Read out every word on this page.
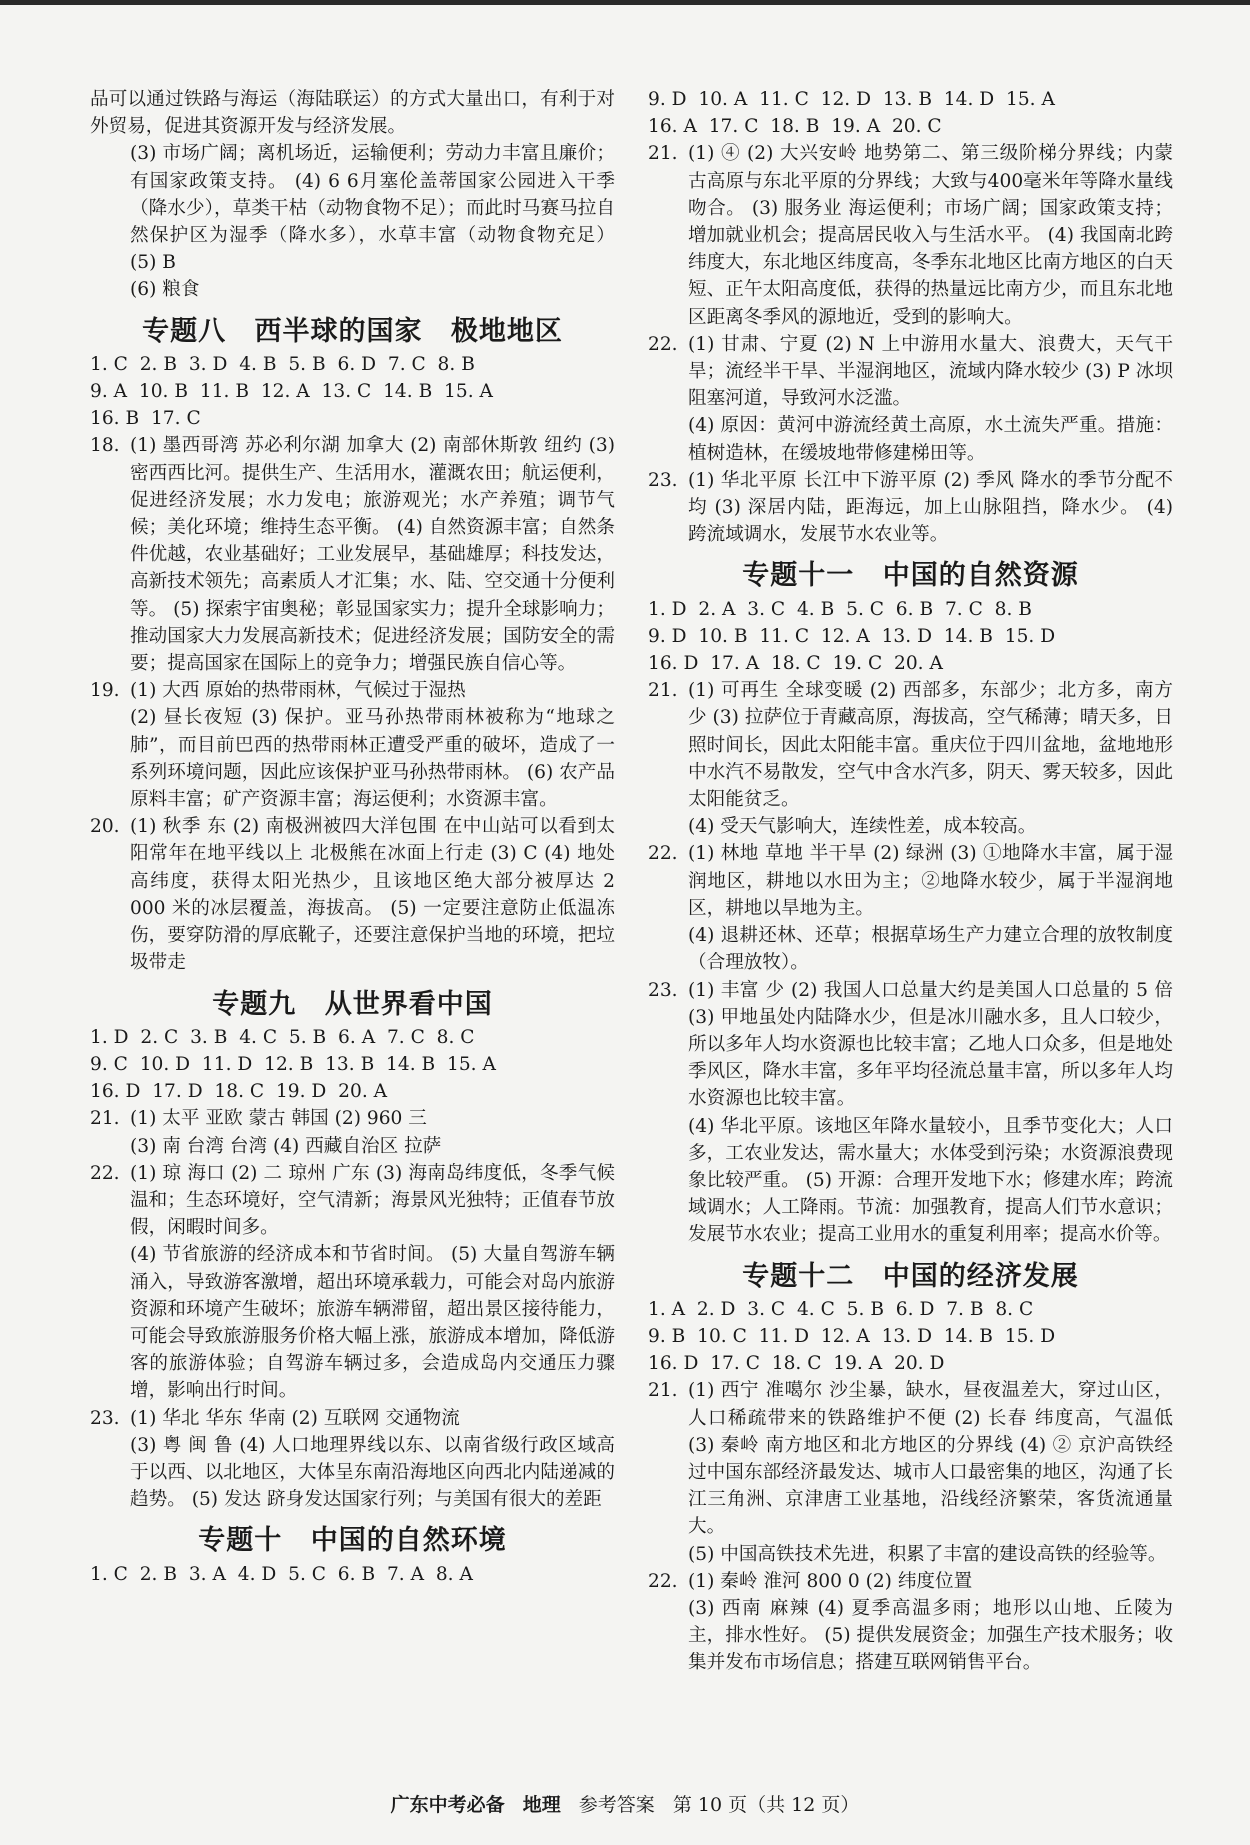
品可以通过铁路与海运（海陆联运）的方式大量出口，有利于对外贸易，促进其资源开发与经济发展。

(3) 市场广阔；离机场近，运输便利；劳动力丰富且廉价；有国家政策支持。 (4) 6 6月塞伦盖蒂国家公园进入干季（降水少），草类干枯（动物食物不足）；而此时马赛马拉自然保护区为湿季（降水多），水草丰富（动物食物充足） (5) B

(6) 粮食

专题八 西半球的国家 极地地区

1. C  2. B  3. D  4. B  5. B  6. D  7. C  8. B

9. A  10. B  11. B  12. A  13. C  14. B  15. A

16. B  17. C

18. (1) 墨西哥湾 苏必利尔湖 加拿大 (2) 南部休斯敦 纽约 (3) 密西西比河。提供生产、生活用水，灌溉农田；航运便利，促进经济发展；水力发电；旅游观光；水产养殖；调节气候；美化环境；维持生态平衡。 (4) 自然资源丰富；自然条件优越，农业基础好；工业发展早，基础雄厚；科技发达，高新技术领先；高素质人才汇集；水、陆、空交通十分便利等。 (5) 探索宇宙奥秘；彰显国家实力；提升全球影响力；推动国家大力发展高新技术；促进经济发展；国防安全的需要；提高国家在国际上的竞争力；增强民族自信心等。
19. (1) 大西 原始的热带雨林，气候过于湿热

(2) 昼长夜短 (3) 保护。亚马孙热带雨林被称为“地球之肺”，而目前巴西的热带雨林正遭受严重的破坏，造成了一系列环境问题，因此应该保护亚马孙热带雨林。 (6) 农产品原料丰富；矿产资源丰富；海运便利；水资源丰富。

20. (1) 秋季 东 (2) 南极洲被四大洋包围 在中山站可以看到太阳常年在地平线以上 北极熊在冰面上行走 (3) C (4) 地处高纬度，获得太阳光热少，且该地区绝大部分被厚达 2 000 米的冰层覆盖，海拔高。 (5) 一定要注意防止低温冻伤，要穿防滑的厚底靴子，还要注意保护当地的环境，把垃圾带走
专题九 从世界看中国

1. D  2. C  3. B  4. C  5. B  6. A  7. C  8. C

9. C  10. D  11. D  12. B  13. B  14. B  15. A

16. D  17. D  18. C  19. D  20. A

21. (1) 太平 亚欧 蒙古 韩国 (2) 960 三

(3) 南 台湾 台湾 (4) 西藏自治区 拉萨

22. (1) 琼 海口 (2) 二 琼州 广东 (3) 海南岛纬度低，冬季气候温和；生态环境好，空气清新；海景风光独特；正值春节放假，闲暇时间多。

(4) 节省旅游的经济成本和节省时间。 (5) 大量自驾游车辆涌入，导致游客激增，超出环境承载力，可能会对岛内旅游资源和环境产生破坏；旅游车辆滞留，超出景区接待能力，可能会导致旅游服务价格大幅上涨，旅游成本增加，降低游客的旅游体验；自驾游车辆过多，会造成岛内交通压力骤增，影响出行时间。

23. (1) 华北 华东 华南 (2) 互联网 交通物流

(3) 粤 闽 鲁 (4) 人口地理界线以东、以南省级行政区域高于以西、以北地区，大体呈东南沿海地区向西北内陆递减的趋势。 (5) 发达 跻身发达国家行列；与美国有很大的差距

专题十 中国的自然环境

1. C  2. B  3. A  4. D  5. C  6. B  7. A  8. A

9. D  10. A  11. C  12. D  13. B  14. D  15. A

16. A  17. C  18. B  19. A  20. C

21. (1) ④ (2) 大兴安岭 地势第二、第三级阶梯分界线；内蒙古高原与东北平原的分界线；大致与400毫米年等降水量线吻合。 (3) 服务业 海运便利；市场广阔；国家政策支持；增加就业机会；提高居民收入与生活水平。 (4) 我国南北跨纬度大，东北地区纬度高，冬季东北地区比南方地区的白天短、正午太阳高度低，获得的热量远比南方少，而且东北地区距离冬季风的源地近，受到的影响大。
22. (1) 甘肃、宁夏 (2) N 上中游用水量大、浪费大，天气干旱；流经半干旱、半湿润地区，流域内降水较少 (3) P 冰坝阻塞河道，导致河水泛滥。

(4) 原因：黄河中游流经黄土高原，水土流失严重。措施：植树造林，在缓坡地带修建梯田等。

23. (1) 华北平原 长江中下游平原 (2) 季风 降水的季节分配不均 (3) 深居内陆，距海远，加上山脉阻挡，降水少。 (4) 跨流域调水，发展节水农业等。
专题十一 中国的自然资源

1. D  2. A  3. C  4. B  5. C  6. B  7. C  8. B

9. D  10. B  11. C  12. A  13. D  14. B  15. D

16. D  17. A  18. C  19. C  20. A

21. (1) 可再生 全球变暖 (2) 西部多，东部少；北方多，南方少 (3) 拉萨位于青藏高原，海拔高，空气稀薄；晴天多，日照时间长，因此太阳能丰富。重庆位于四川盆地，盆地地形中水汽不易散发，空气中含水汽多，阴天、雾天较多，因此太阳能贫乏。

(4) 受天气影响大，连续性差，成本较高。

22. (1) 林地 草地 半干旱 (2) 绿洲 (3) ①地降水丰富，属于湿润地区，耕地以水田为主；②地降水较少，属于半湿润地区，耕地以旱地为主。

(4) 退耕还林、还草；根据草场生产力建立合理的放牧制度（合理放牧）。

23. (1) 丰富 少 (2) 我国人口总量大约是美国人口总量的 5 倍 (3) 甲地虽处内陆降水少，但是冰川融水多，且人口较少，所以多年人均水资源也比较丰富；乙地人口众多，但是地处季风区，降水丰富，多年平均径流总量丰富，所以多年人均水资源也比较丰富。

(4) 华北平原。该地区年降水量较小，且季节变化大；人口多，工农业发达，需水量大；水体受到污染；水资源浪费现象比较严重。 (5) 开源：合理开发地下水；修建水库；跨流域调水；人工降雨。节流：加强教育，提高人们节水意识；发展节水农业；提高工业用水的重复利用率；提高水价等。

专题十二 中国的经济发展

1. A  2. D  3. C  4. C  5. B  6. D  7. B  8. C

9. B  10. C  11. D  12. A  13. D  14. B  15. D

16. D  17. C  18. C  19. A  20. D

21. (1) 西宁 准噶尔 沙尘暴，缺水，昼夜温差大，穿过山区，人口稀疏带来的铁路维护不便 (2) 长春 纬度高，气温低 (3) 秦岭 南方地区和北方地区的分界线 (4) ② 京沪高铁经过中国东部经济最发达、城市人口最密集的地区，沟通了长江三角洲、京津唐工业基地，沿线经济繁荣，客货流通量大。

(5) 中国高铁技术先进，积累了丰富的建设高铁的经验等。

22. (1) 秦岭 淮河 800 0 (2) 纬度位置

(3) 西南 麻辣 (4) 夏季高温多雨；地形以山地、丘陵为主，排水性好。 (5) 提供发展资金；加强生产技术服务；收集并发布市场信息；搭建互联网销售平台。

广东中考必备 地理 参考答案 第 10 页（共 12 页）
